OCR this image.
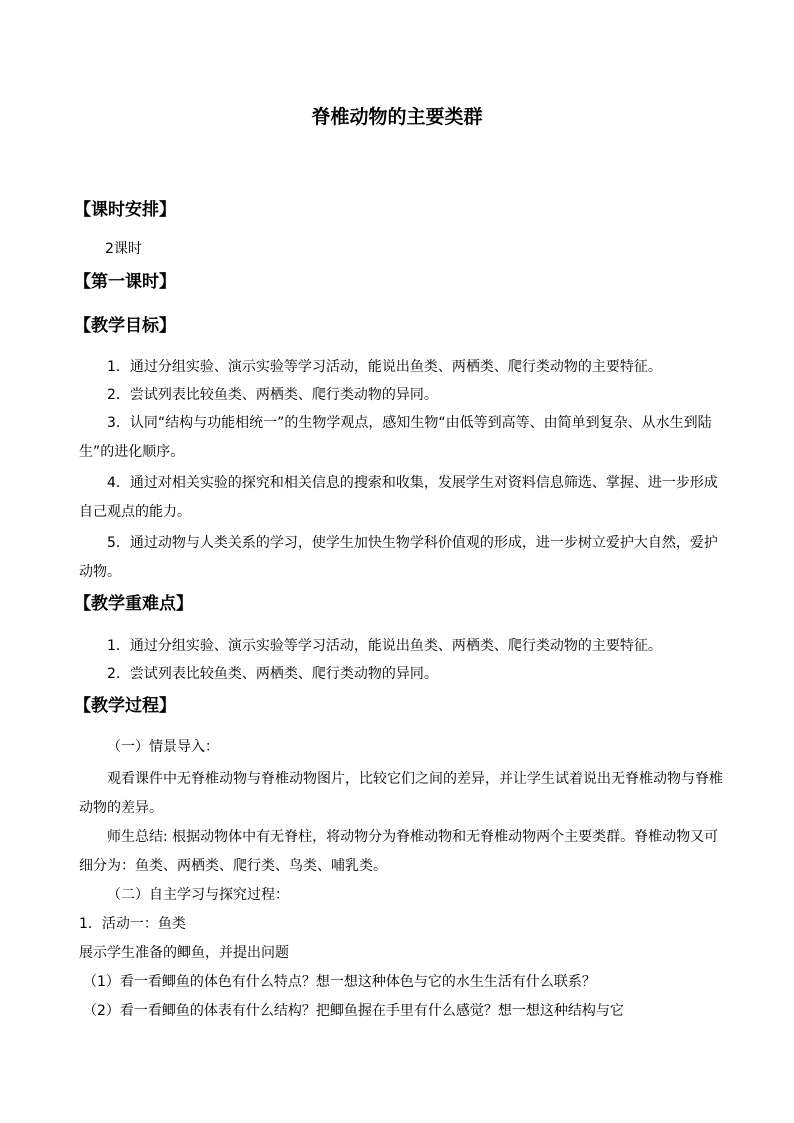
脊椎动物的主要类群
【课时安排】
2课时
【第一课时】
【教学目标】
1．通过分组实验、演示实验等学习活动，能说出鱼类、两栖类、爬行类动物的主要特征。
2．尝试列表比较鱼类、两栖类、爬行类动物的异同。
3．认同“结构与功能相统一”的生物学观点，感知生物“由低等到高等、由简单到复杂、从水生到陆生”的进化顺序。
4．通过对相关实验的探究和相关信息的搜索和收集，发展学生对资料信息筛选、掌握、进一步形成自己观点的能力。
5．通过动物与人类关系的学习，使学生加快生物学科价值观的形成，进一步树立爱护大自然，爱护动物。
【教学重难点】
1．通过分组实验、演示实验等学习活动，能说出鱼类、两栖类、爬行类动物的主要特征。
2．尝试列表比较鱼类、两栖类、爬行类动物的异同。
【教学过程】
（一）情景导入：
观看课件中无脊椎动物与脊椎动物图片，比较它们之间的差异，并让学生试着说出无脊椎动物与脊椎动物的差异。
师生总结: 根据动物体中有无脊柱，将动物分为脊椎动物和无脊椎动物两个主要类群。脊椎动物又可细分为：鱼类、两栖类、爬行类、鸟类、哺乳类。
（二）自主学习与探究过程：
1．活动一：鱼类
展示学生准备的鲫鱼，并提出问题
（1）看一看鲫鱼的体色有什么特点？想一想这种体色与它的水生生活有什么联系？
（2）看一看鲫鱼的体表有什么结构？把鲫鱼握在手里有什么感觉？想一想这种结构与它
